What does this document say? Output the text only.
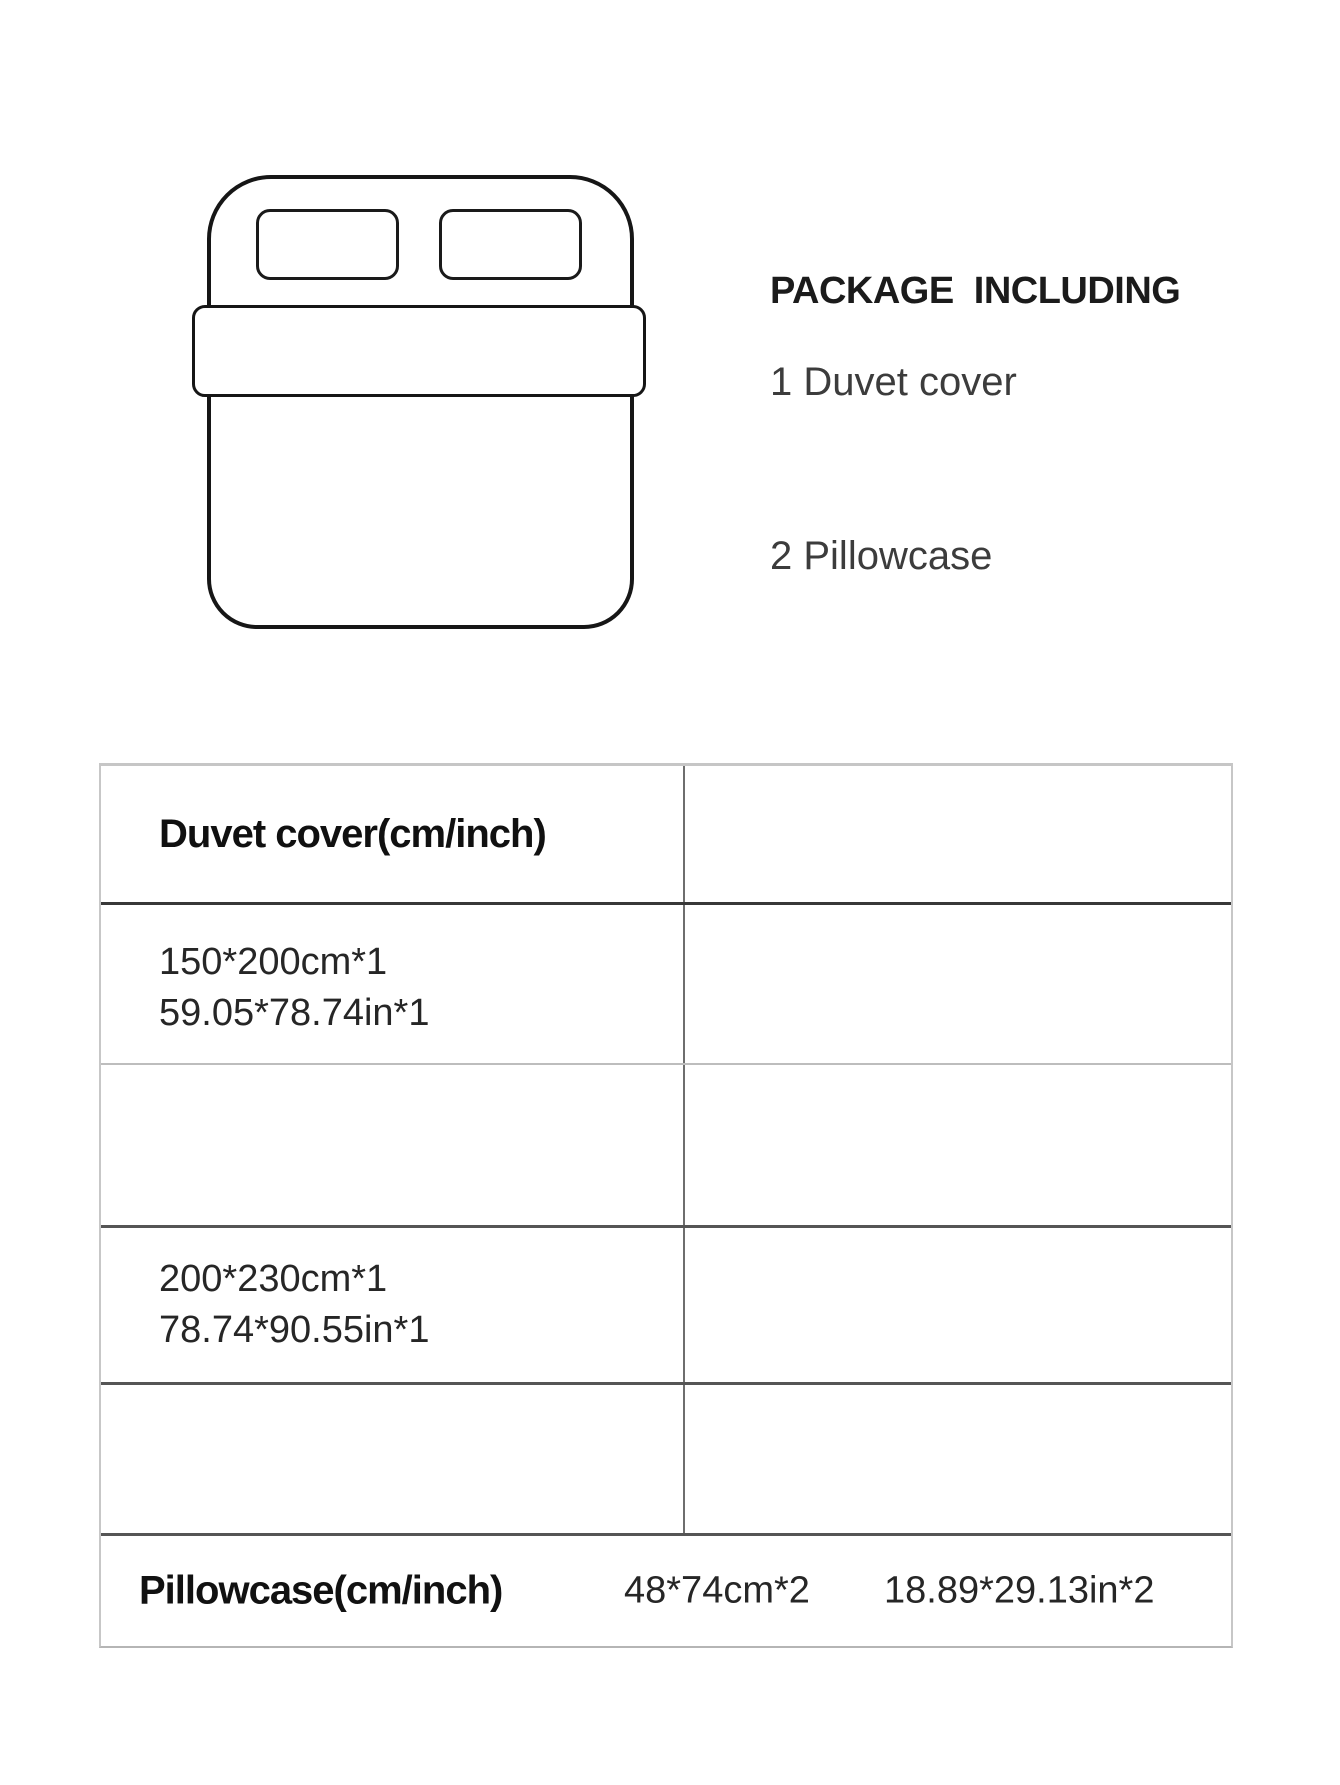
PACKAGE INCLUDING
1 Duvet cover
2 Pillowcase
Duvet cover(cm/inch)
150*200cm*1
59.05*78.74in*1
200*230cm*1
78.74*90.55in*1
Pillowcase(cm/inch)	48*74cm*2 18.89*29.13in*2
